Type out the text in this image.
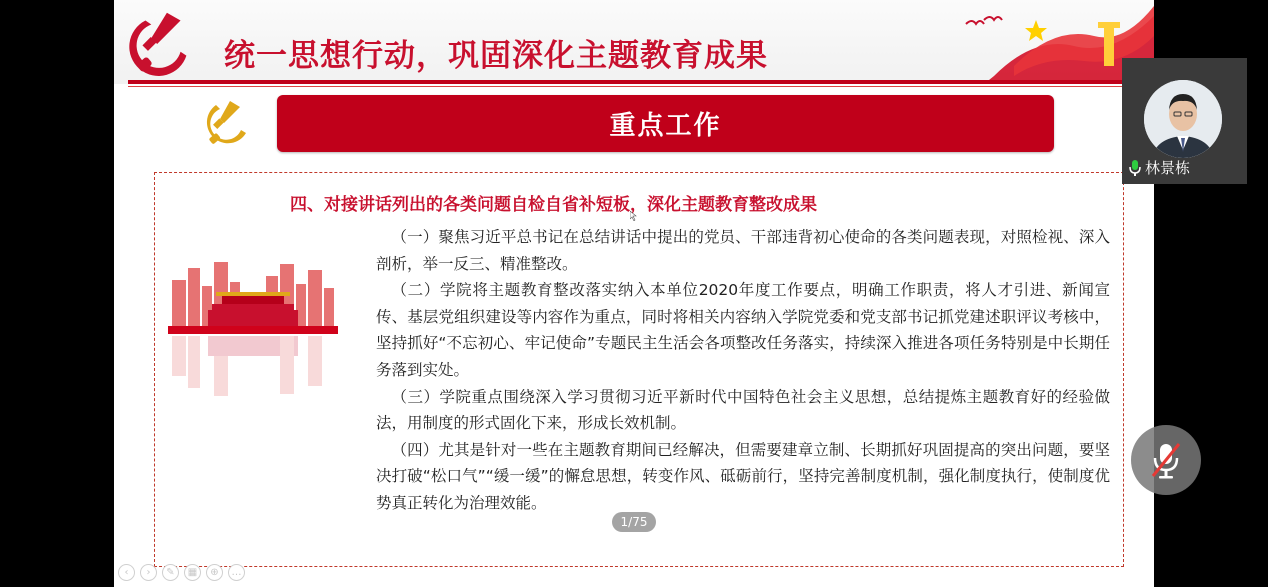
统一思想行动，巩固深化主题教育成果
重点工作
四、对接讲话列出的各类问题自检自省补短板，深化主题教育整改成果

（一）聚焦习近平总书记在总结讲话中提出的党员、干部违背初心使命的各类问题表现，对照检视、深入剖析，举一反三、精准整改。

（二）学院将主题教育整改落实纳入本单位2020年度工作要点，明确工作职责，将人才引进、新闻宣传、基层党组织建设等内容作为重点，同时将相关内容纳入学院党委和党支部书记抓党建述职评议考核中，坚持抓好“不忘初心、牢记使命”专题民主生活会各项整改任务落实，持续深入推进各项任务特别是中长期任务落到实处。

（三）学院重点围绕深入学习贯彻习近平新时代中国特色社会主义思想，总结提炼主题教育好的经验做法，用制度的形式固化下来，形成长效机制。

（四）尤其是针对一些在主题教育期间已经解决，但需要建章立制、长期抓好巩固提高的突出问题，要坚决打破“松口气”“缓一缓”的懈怠思想，转变作风、砥砺前行，坚持完善制度机制，强化制度执行，使制度优势真正转化为治理效能。

1/75
‹	›	✎	▦	⊕	…
林景栋
